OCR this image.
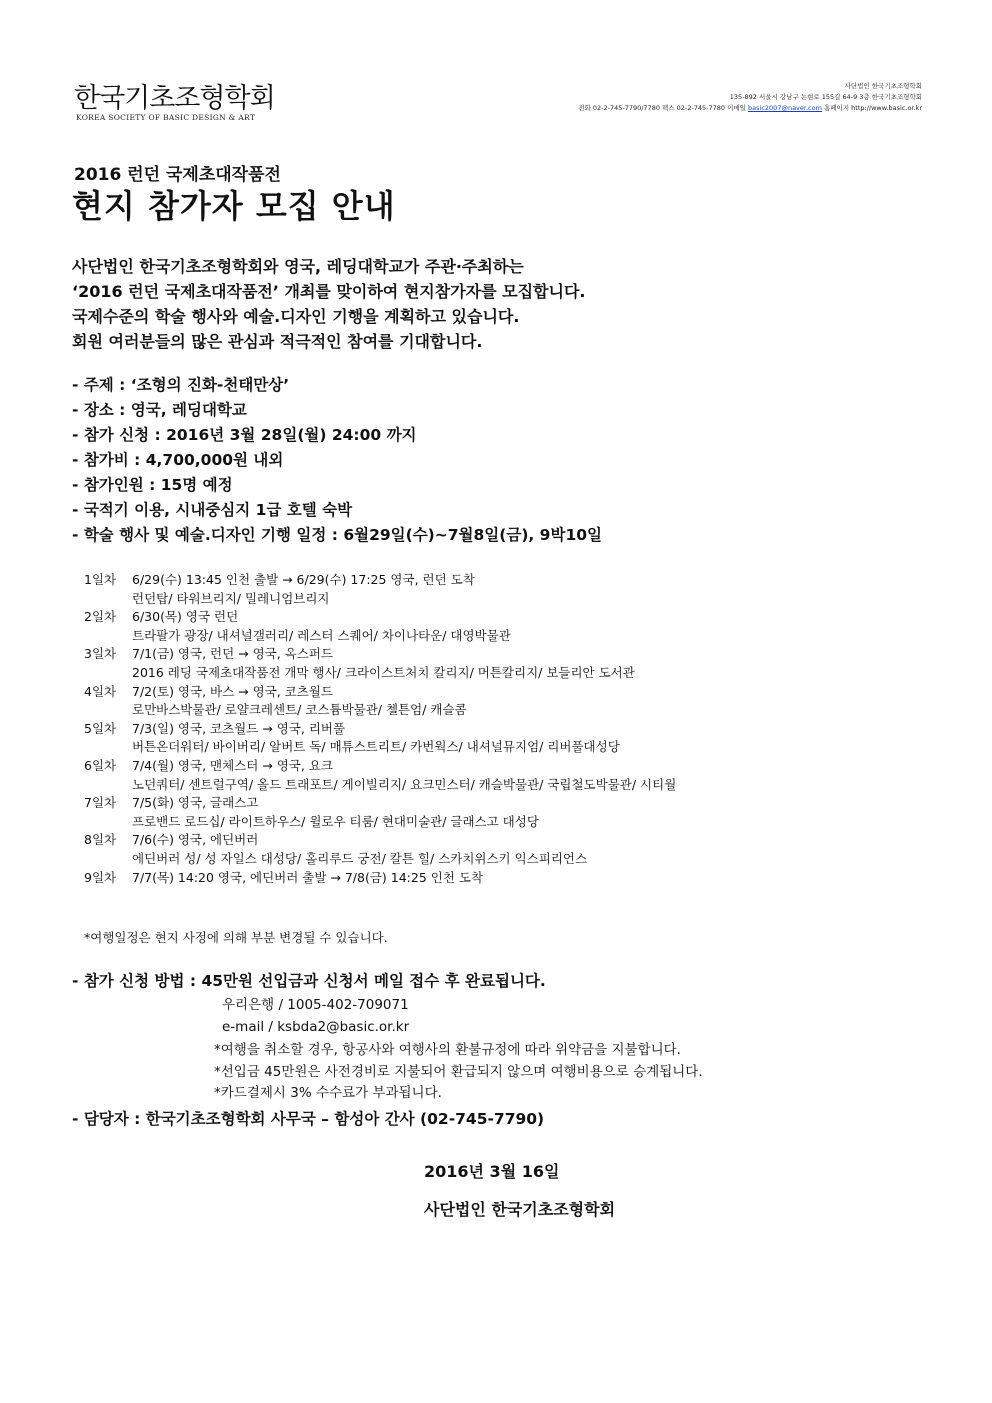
한국기초조형학회
KOREA SOCIETY OF BASIC DESIGN & ART
사단법인 한국기초조형학회
135-892 서울시 강남구 논현로 155길 64-9 3층 한국기초조형학회
전화 02-2-745-7790/7780 팩스 02-2-745-7780 이메일 basic2007@naver.com 홈페이지 http://www.basic.or.kr
2016 런던 국제초대작품전
현지 참가자 모집 안내
사단법인 한국기초조형학회와 영국, 레딩대학교가 주관·주최하는
‘2016 런던 국제초대작품전’ 개최를 맞이하여 현지참가자를 모집합니다.
국제수준의 학술 행사와 예술.디자인 기행을 계획하고 있습니다.
회원 여러분들의 많은 관심과 적극적인 참여를 기대합니다.
- 주제 : ‘조형의 진화-천태만상’
- 장소 : 영국, 레딩대학교
- 참가 신청 : 2016년 3월 28일(월) 24:00 까지
- 참가비 : 4,700,000원 내외
- 참가인원 : 15명 예정
- 국적기 이용, 시내중심지 1급 호텔 숙박
- 학술 행사 및 예술.디자인 기행 일정 : 6월29일(수)~7월8일(금), 9박10일
1일차	6/29(수) 13:45 인천 출발 → 6/29(수) 17:25 영국, 런던 도착
런던탑/ 타워브리지/ 밀레니엄브리지
2일차	6/30(목) 영국 런던
트라팔가 광장/ 내셔널갤러리/ 레스터 스퀘어/ 차이나타운/ 대영박물관
3일차	7/1(금) 영국, 런던 → 영국, 옥스퍼드
2016 레딩 국제초대작품전 개막 행사/ 크라이스트처치 칼리지/ 머튼칼리지/ 보들리안 도서관
4일차	7/2(토) 영국, 바스 → 영국, 코츠월드
로만바스박물관/ 로얄크레센트/ 코스튬박물관/ 첼튼엄/ 캐슬콤
5일차	7/3(일) 영국, 코츠월드 → 영국, 리버풀
버튼온더워터/ 바이버리/ 알버트 독/ 매튜스트리트/ 카번웍스/ 내셔널뮤지엄/ 리버풀대성당
6일차	7/4(월) 영국, 맨체스터 → 영국, 요크
노던쿼터/ 센트럴구역/ 올드 트래포트/ 게이빌리지/ 요크민스터/ 캐슬박물관/ 국립철도박물관/ 시티월
7일차	7/5(화) 영국, 글래스고
프로밴드 로드십/ 라이트하우스/ 윌로우 티룸/ 현대미술관/ 글래스고 대성당
8일차	7/6(수) 영국, 에딘버러
에딘버러 성/ 성 자일스 대성당/ 홀리루드 궁전/ 칼튼 힐/ 스카치위스키 익스피리언스
9일차	7/7(목) 14:20 영국, 에딘버러 출발 → 7/8(금) 14:25 인천 도착
*여행일정은 현지 사정에 의해 부분 변경될 수 있습니다.
- 참가 신청 방법 : 45만원 선입금과 신청서 메일 접수 후 완료됩니다.
우리은행 / 1005-402-709071
e-mail / ksbda2@basic.or.kr
*여행을 취소할 경우, 항공사와 여행사의 환불규정에 따라 위약금을 지불합니다.
*선입금 45만원은 사전경비로 지불되어 환급되지 않으며 여행비용으로 승계됩니다.
*카드결제시 3% 수수료가 부과됩니다.
- 담당자 : 한국기초조형학회 사무국 – 함성아 간사 (02-745-7790)
2016년 3월 16일
사단법인 한국기초조형학회
